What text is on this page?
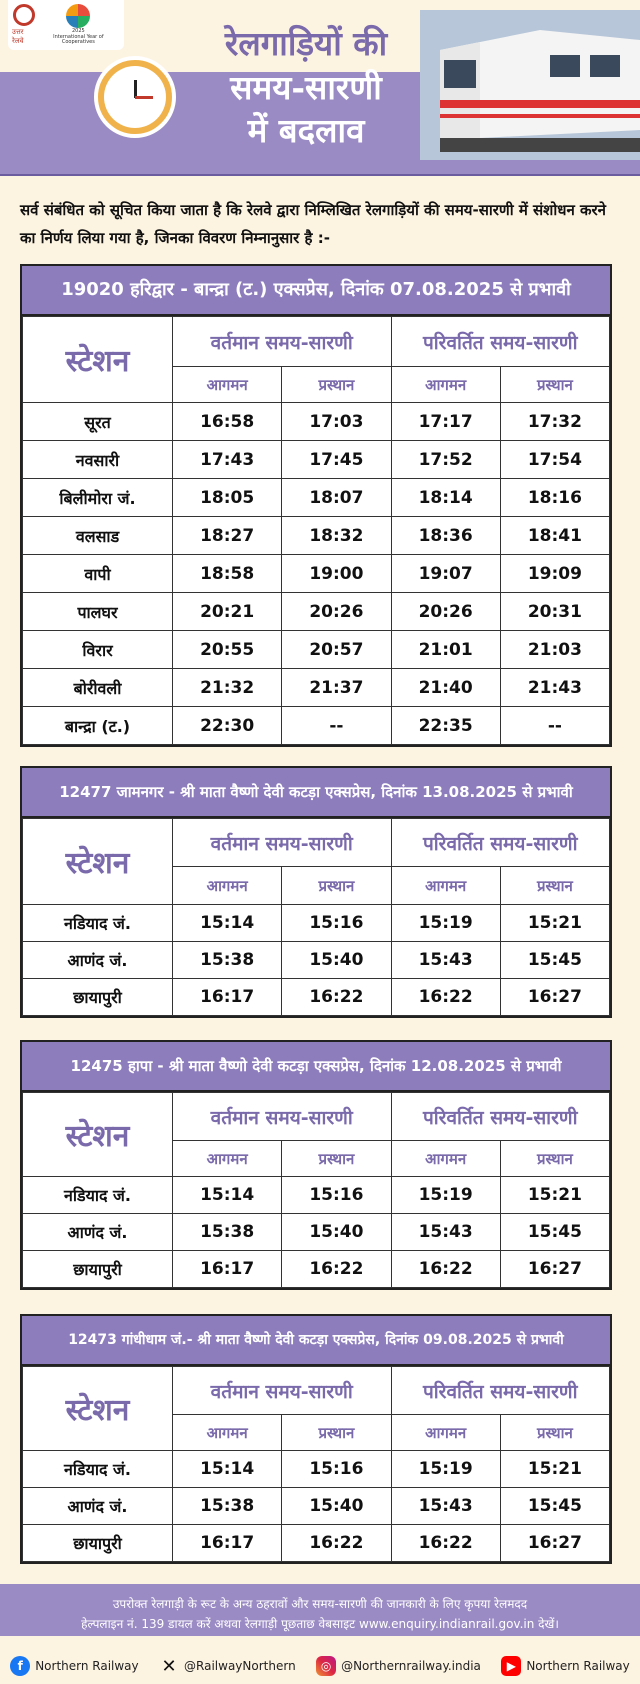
उत्तर रेलवे
2025
International Year of Cooperatives	रेलगाड़ियों की
समय-सारणी
में बदलाव
सर्व संबंधित को सूचित किया जाता है कि रेलवे द्वारा निम्लिखित रेलगाड़ियों की समय-सारणी में संशोधन करने का निर्णय लिया गया है, जिनका विवरण निम्नानुसार है :-
19020 हरिद्वार - बान्द्रा (ट.) एक्सप्रेस, दिनांक 07.08.2025 से प्रभावी
स्टेशन	वर्तमान समय-सारणी		परिवर्तित समय-सारणी	
	आगमन	प्रस्थान	आगमन	प्रस्थान
सूरत	16:58	17:03	17:17	17:32
नवसारी	17:43	17:45	17:52	17:54
बिलीमोरा जं.	18:05	18:07	18:14	18:16
वलसाड	18:27	18:32	18:36	18:41
वापी	18:58	19:00	19:07	19:09
पालघर	20:21	20:26	20:26	20:31
विरार	20:55	20:57	21:01	21:03
बोरीवली	21:32	21:37	21:40	21:43
बान्द्रा (ट.)	22:30	--	22:35	--
12477 जामनगर - श्री माता वैष्णो देवी कटड़ा एक्सप्रेस, दिनांक 13.08.2025 से प्रभावी
स्टेशन	वर्तमान समय-सारणी		परिवर्तित समय-सारणी	
	आगमन	प्रस्थान	आगमन	प्रस्थान
नडियाद जं.	15:14	15:16	15:19	15:21
आणंद जं.	15:38	15:40	15:43	15:45
छायापुरी	16:17	16:22	16:22	16:27
12475 हापा - श्री माता वैष्णो देवी कटड़ा एक्सप्रेस, दिनांक 12.08.2025 से प्रभावी
स्टेशन	वर्तमान समय-सारणी		परिवर्तित समय-सारणी	
	आगमन	प्रस्थान	आगमन	प्रस्थान
नडियाद जं.	15:14	15:16	15:19	15:21
आणंद जं.	15:38	15:40	15:43	15:45
छायापुरी	16:17	16:22	16:22	16:27
12473 गांधीधाम जं.- श्री माता वैष्णो देवी कटड़ा एक्सप्रेस, दिनांक 09.08.2025 से प्रभावी
स्टेशन	वर्तमान समय-सारणी		परिवर्तित समय-सारणी	
	आगमन	प्रस्थान	आगमन	प्रस्थान
नडियाद जं.	15:14	15:16	15:19	15:21
आणंद जं.	15:38	15:40	15:43	15:45
छायापुरी	16:17	16:22	16:22	16:27
उपरोक्त रेलगाड़ी के रूट के अन्य ठहरावों और समय-सारणी की जानकारी के लिए कृपया रेलमदद
हेल्पलाइन नं. 139 डायल करें अथवा रेलगाड़ी पूछताछ वेबसाइट www.enquiry.indianrail.gov.in देखें।
f	Northern Railway ✕ @RailwayNorthern	◎ @Northernrailway.india	▶ Northern Railway
